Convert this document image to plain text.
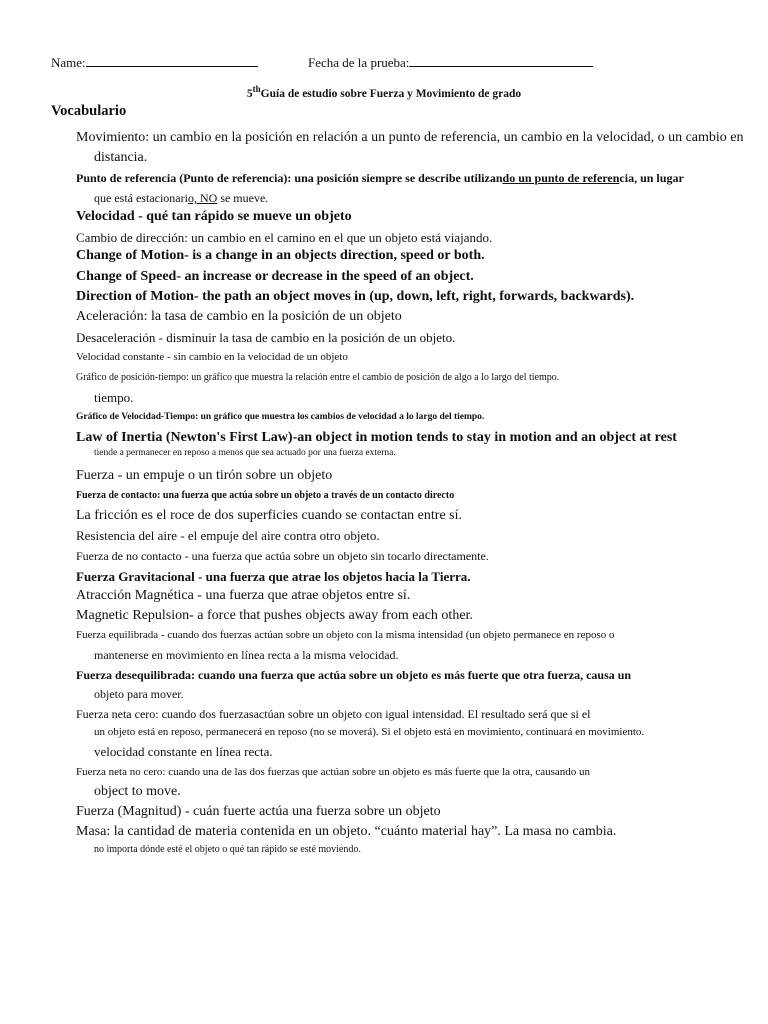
Name:	Fecha de la prueba:
5thGuía de estudio sobre Fuerza y Movimiento de grado
Vocabulario
Movimiento: un cambio en la posición en relación a un punto de referencia, un cambio en la velocidad, o un cambio en
distancia.
Punto de referencia (Punto de referencia): una posición siempre se describe utilizando un punto de referencia, un lugar
que está estacionario, NO se mueve.
Velocidad - qué tan rápido se mueve un objeto
Cambio de dirección: un cambio en el camino en el que un objeto está viajando.
Change of Motion- is a change in an objects direction, speed or both.
Change of Speed- an increase or decrease in the speed of an object.
Direction of Motion- the path an object moves in (up, down, left, right, forwards, backwards).
Aceleración: la tasa de cambio en la posición de un objeto
Desaceleración - disminuir la tasa de cambio en la posición de un objeto.
Velocidad constante - sin cambio en la velocidad de un objeto
Gráfico de posición-tiempo: un gráfico que muestra la relación entre el cambio de posición de algo a lo largo del tiempo.
tiempo.
Gráfico de Velocidad-Tiempo: un gráfico que muestra los cambios de velocidad a lo largo del tiempo.
Law of Inertia (Newton's First Law)-an object in motion tends to stay in motion and an object at rest
tiende a permanecer en reposo a menos que sea actuado por una fuerza externa.
Fuerza - un empuje o un tirón sobre un objeto
Fuerza de contacto: una fuerza que actúa sobre un objeto a través de un contacto directo
La fricción es el roce de dos superficies cuando se contactan entre sí.
Resistencia del aire - el empuje del aire contra otro objeto.
Fuerza de no contacto - una fuerza que actúa sobre un objeto sin tocarlo directamente.
Fuerza Gravitacional - una fuerza que atrae los objetos hacia la Tierra.
Atracción Magnética - una fuerza que atrae objetos entre sí.
Magnetic Repulsion- a force that pushes objects away from each other.
Fuerza equilibrada - cuando dos fuerzas actúan sobre un objeto con la misma intensidad (un objeto permanece en reposo o
mantenerse en movimiento en línea recta a la misma velocidad.
Fuerza desequilibrada: cuando una fuerza que actúa sobre un objeto es más fuerte que otra fuerza, causa un
objeto para mover.
Fuerza neta cero: cuando dos fuerzasactúan sobre un objeto con igual intensidad. El resultado será que si el
un objeto está en reposo, permanecerá en reposo (no se moverá). Si el objeto está en movimiento, continuará en movimiento.
velocidad constante en línea recta.
Fuerza neta no cero: cuando una de las dos fuerzas que actúan sobre un objeto es más fuerte que la otra, causando un
object to move.
Fuerza (Magnitud) - cuán fuerte actúa una fuerza sobre un objeto
Masa: la cantidad de materia contenida en un objeto. “cuánto material hay”. La masa no cambia.
no importa dónde esté el objeto o qué tan rápido se esté moviendo.
